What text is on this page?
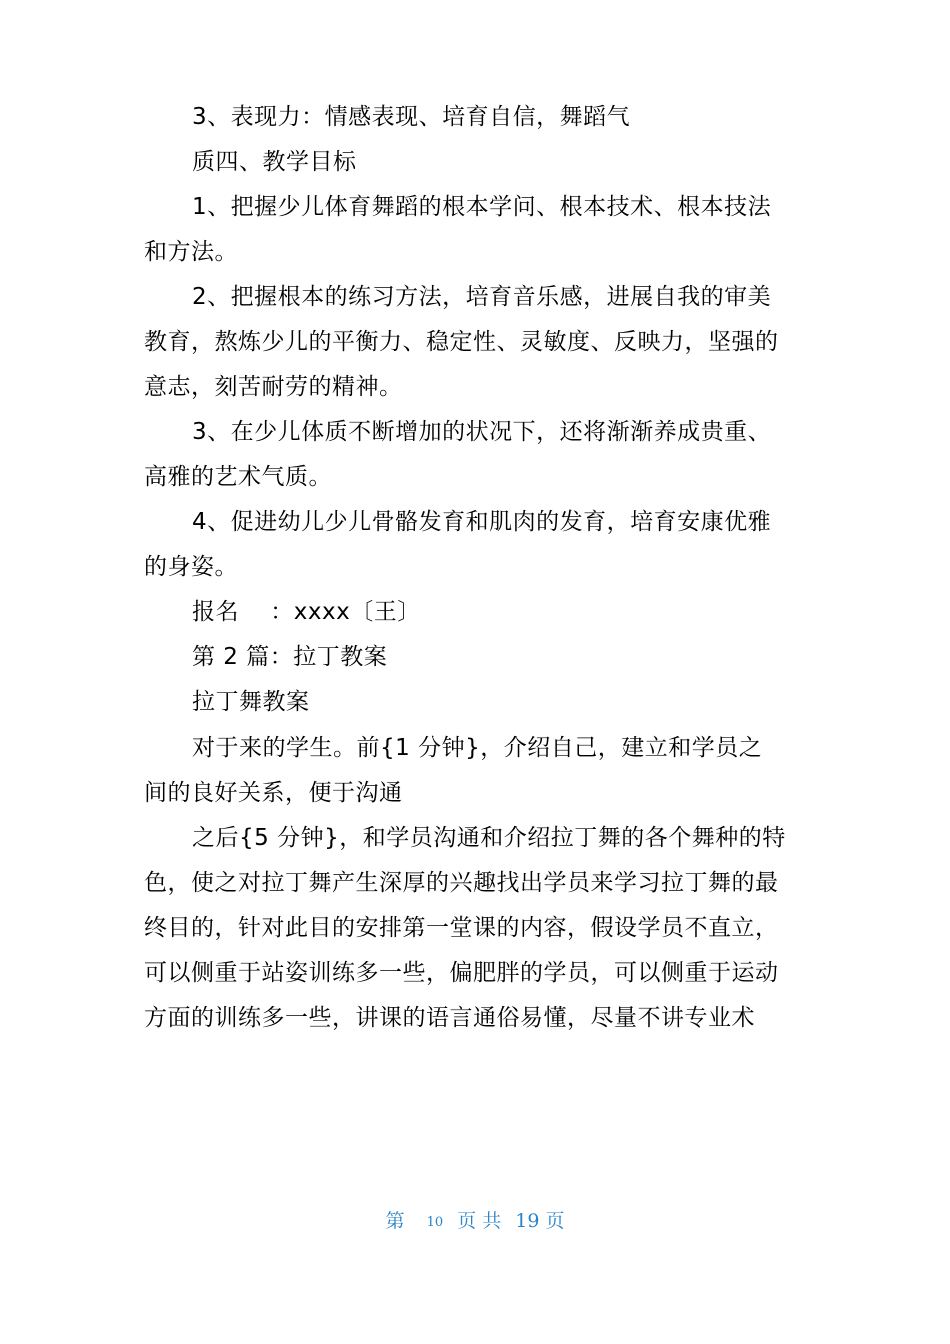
3、表现力：情感表现、培育自信，舞蹈气
质四、教学目标
1、把握少儿体育舞蹈的根本学问、根本技术、根本技法
和方法。
2、把握根本的练习方法，培育音乐感，进展自我的审美
教育，熬炼少儿的平衡力、稳定性、灵敏度、反映力，坚强的
意志，刻苦耐劳的精神。
3、在少儿体质不断增加的状况下，还将渐渐养成贵重、
高雅的艺术气质。
4、促进幼儿少儿骨骼发育和肌肉的发育，培育安康优雅
的身姿。
报名    ：xxxx〔王〕
第 2 篇：拉丁教案
拉丁舞教案
对于来的学生。前{1 分钟}，介绍自己，建立和学员之
间的良好关系，便于沟通
之后{5 分钟}，和学员沟通和介绍拉丁舞的各个舞种的特
色，使之对拉丁舞产生深厚的兴趣找出学员来学习拉丁舞的最
终目的，针对此目的安排第一堂课的内容，假设学员不直立，
可以侧重于站姿训练多一些，偏肥胖的学员，可以侧重于运动
方面的训练多一些，讲课的语言通俗易懂，尽量不讲专业术
第 10 页 共 19 页
